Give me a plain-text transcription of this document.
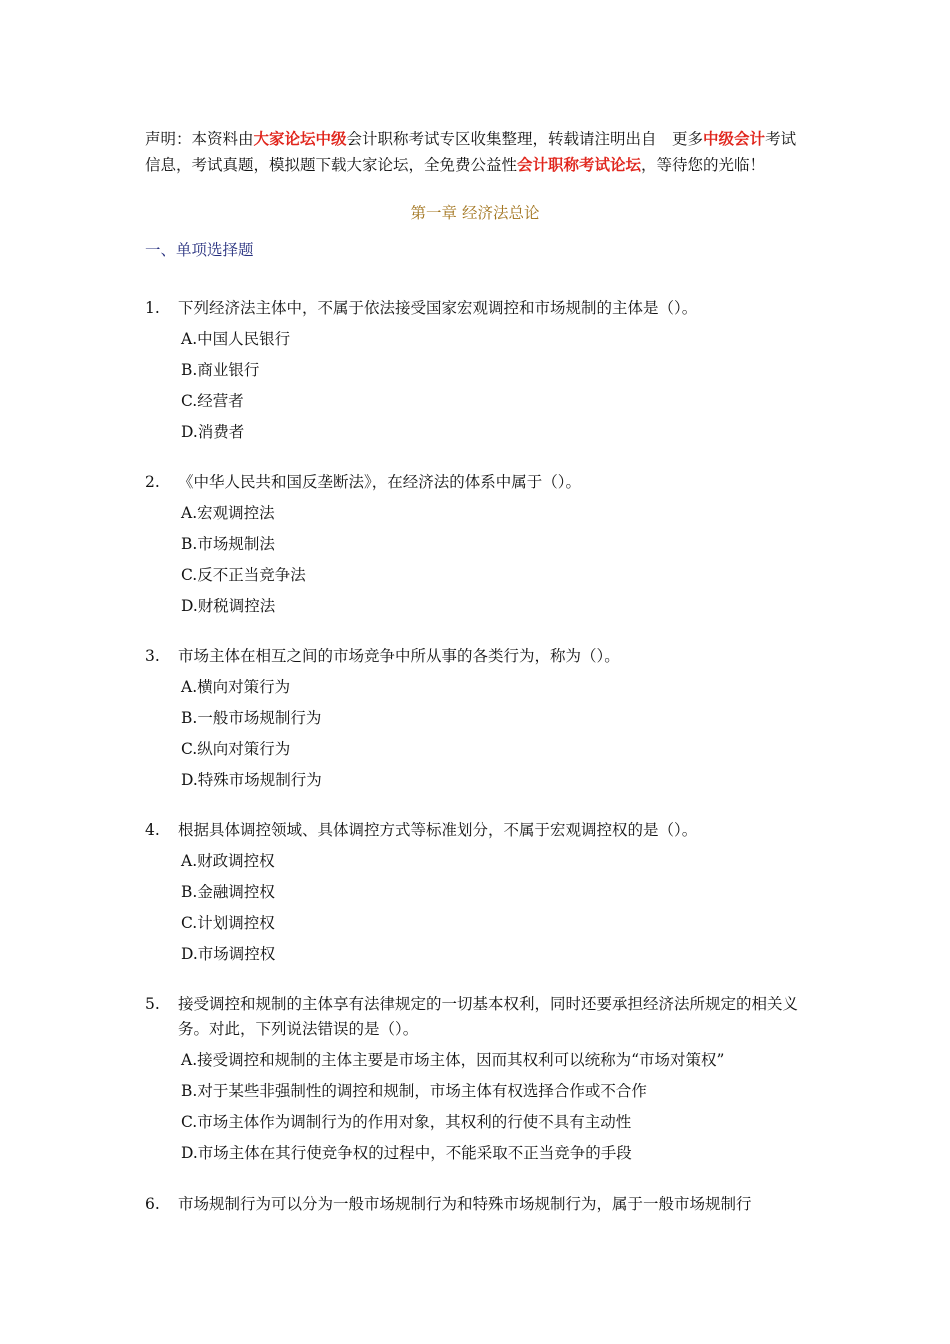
声明：本资料由大家论坛中级会计职称考试专区收集整理，转载请注明出自　更多中级会计考试信息，考试真题，模拟题下载大家论坛，全免费公益性会计职称考试论坛，等待您的光临！
第一章 经济法总论
一、单项选择题
1.	下列经济法主体中，不属于依法接受国家宏观调控和市场规制的主体是（）。
A.中国人民银行
B.商业银行
C.经营者
D.消费者
2.	《中华人民共和国反垄断法》，在经济法的体系中属于（）。
A.宏观调控法
B.市场规制法
C.反不正当竞争法
D.财税调控法
3.	市场主体在相互之间的市场竞争中所从事的各类行为，称为（）。
A.横向对策行为
B.一般市场规制行为
C.纵向对策行为
D.特殊市场规制行为
4.	根据具体调控领域、具体调控方式等标准划分，不属于宏观调控权的是（）。
A.财政调控权
B.金融调控权
C.计划调控权
D.市场调控权
5.	接受调控和规制的主体享有法律规定的一切基本权利，同时还要承担经济法所规定的相关义务。对此，下列说法错误的是（）。
A.接受调控和规制的主体主要是市场主体，因而其权利可以统称为“市场对策权”
B.对于某些非强制性的调控和规制，市场主体有权选择合作或不合作
C.市场主体作为调制行为的作用对象，其权利的行使不具有主动性
D.市场主体在其行使竞争权的过程中，不能采取不正当竞争的手段
6.	市场规制行为可以分为一般市场规制行为和特殊市场规制行为，属于一般市场规制行
